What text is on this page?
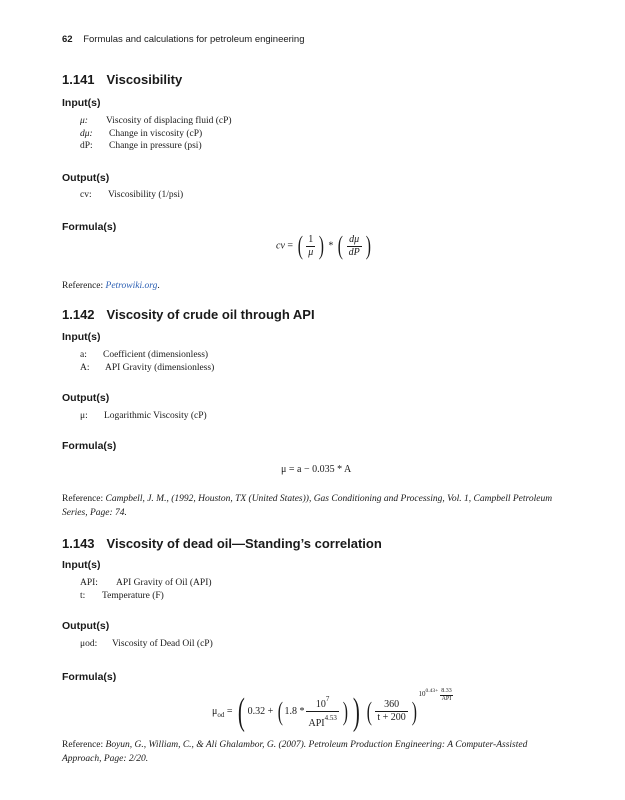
62 Formulas and calculations for petroleum engineering
1.141 Viscosibility
Input(s)
μ:	Viscosity of displacing fluid (cP)
dμ:	Change in viscosity (cP)
dP:	Change in pressure (psi)
Output(s)
cv:	Viscosibility (1/psi)
Formula(s)
cv = ( $\frac{1}{\mu}$ ) * ( $\frac{d\mu}{dP}$ )
Reference: Petrowiki.org.
1.142 Viscosity of crude oil through API
Input(s)
a:	Coefficient (dimensionless)
A:	API Gravity (dimensionless)
Output(s)
μ:	Logarithmic Viscosity (cP)
Formula(s)
μ = a − 0.035 * A
Reference: Campbell, J. M., (1992, Houston, TX (United States)), Gas Conditioning and Processing, Vol. 1, Campbell Petroleum Series, Page: 74.
1.143 Viscosity of dead oil—Standing’s correlation
Input(s)
API:	API Gravity of Oil (API)
t:	Temperature (F)
Output(s)
μod:	Viscosity of Dead Oil (cP)
Formula(s)
$\mu_{od}$ = ( 0.32 + ( $1.8 * \frac{10^7}{API^{4.53}}$ ) ) ( $\frac{360}{t + 200} )10^{0.43+} \frac{8.33}{\text{API}}$
Reference: Boyun, G., William, C., & Ali Ghalambor, G. (2007). Petroleum Production Engineering: A Computer-Assisted Approach, Page: 2/20.
